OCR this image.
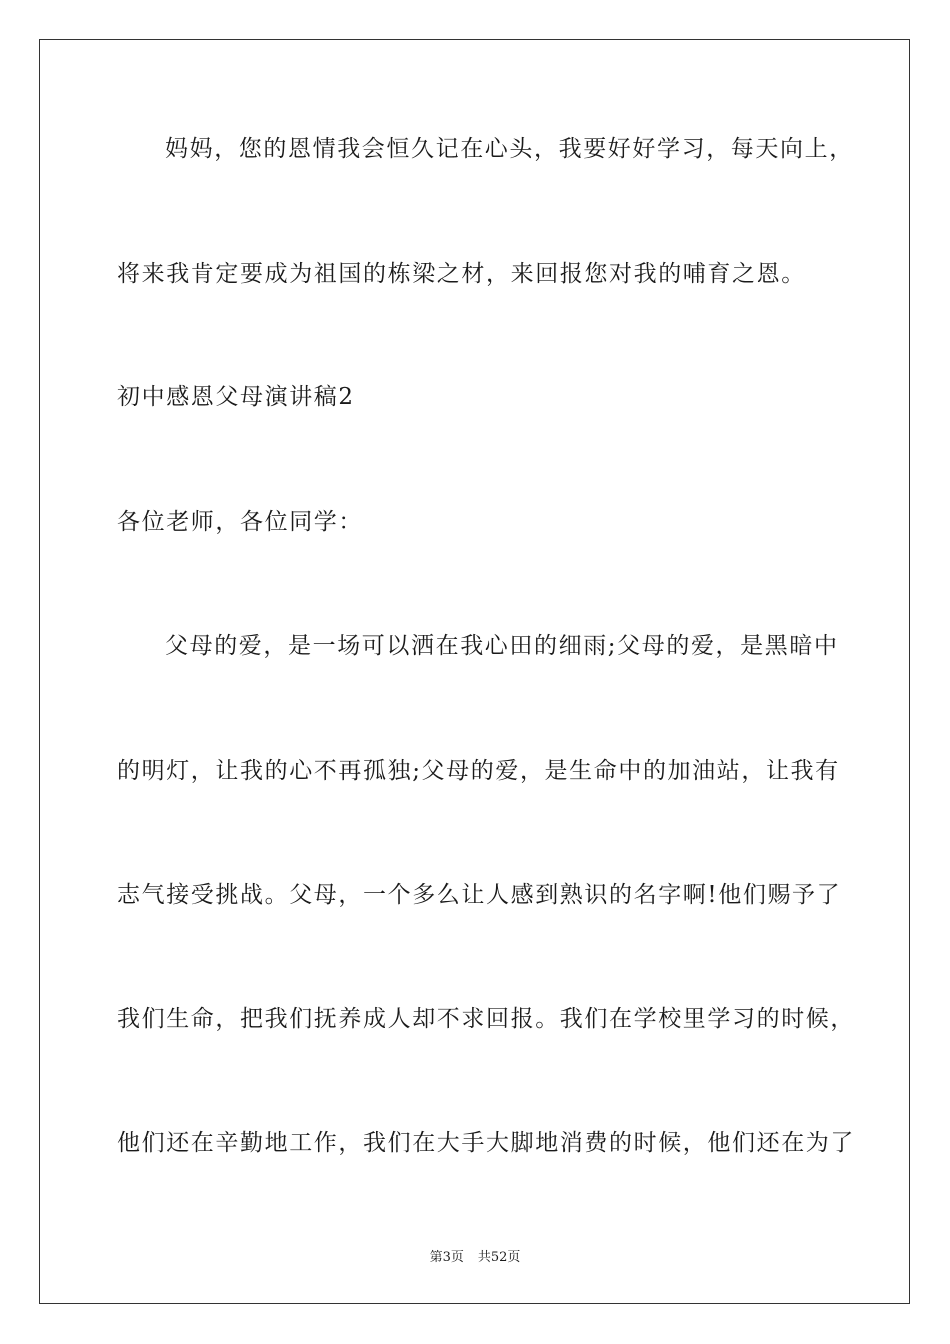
妈妈，您的恩情我会恒久记在心头，我要好好学习，每天向上，
将来我肯定要成为祖国的栋梁之材，来回报您对我的哺育之恩。
初中感恩父母演讲稿2
各位老师，各位同学：
父母的爱，是一场可以洒在我心田的细雨;父母的爱，是黑暗中
的明灯，让我的心不再孤独;父母的爱，是生命中的加油站，让我有
志气接受挑战。父母，一个多么让人感到熟识的名字啊!他们赐予了
我们生命，把我们抚养成人却不求回报。我们在学校里学习的时候，
他们还在辛勤地工作，我们在大手大脚地消费的时候，他们还在为了
第3页 共52页
